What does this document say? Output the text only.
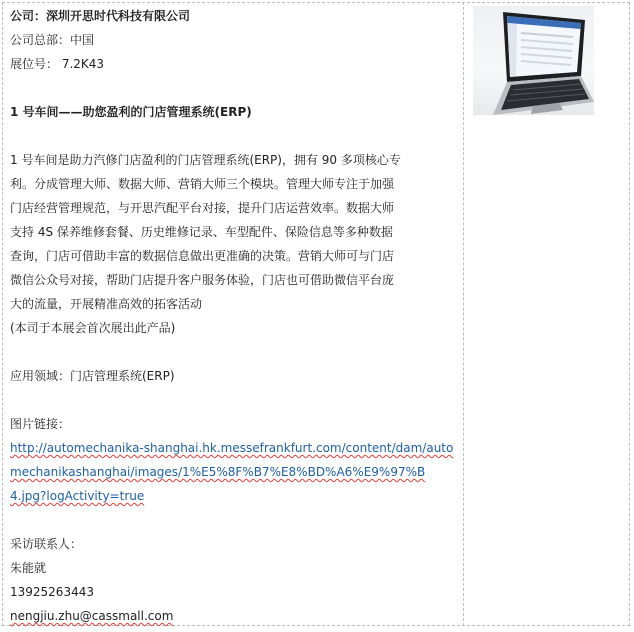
公司：深圳开思时代科技有限公司
公司总部：中国
展位号： 7.2K43
1 号车间——助您盈利的门店管理系统(ERP)
1 号车间是助力汽修门店盈利的门店管理系统(ERP)，拥有 90 多项核心专
利。分成管理大师、数据大师、营销大师三个模块。管理大师专注于加强
门店经营管理规范，与开思汽配平台对接，提升门店运营效率。数据大师
支持 4S 保养维修套餐、历史维修记录、车型配件、保险信息等多种数据
查询，门店可借助丰富的数据信息做出更准确的决策。营销大师可与门店
微信公众号对接，帮助门店提升客户服务体验，门店也可借助微信平台庞
大的流量，开展精准高效的拓客活动
(本司于本展会首次展出此产品)
应用领域：门店管理系统(ERP)
图片链接：
http://automechanika-shanghai.hk.messefrankfurt.com/content/dam/auto
mechanikashanghai/images/1%E5%8F%B7%E8%BD%A6%E9%97%B
4.jpg?logActivity=true
采访联系人：
朱能就
13925263443
nengjiu.zhu@cassmall.com
